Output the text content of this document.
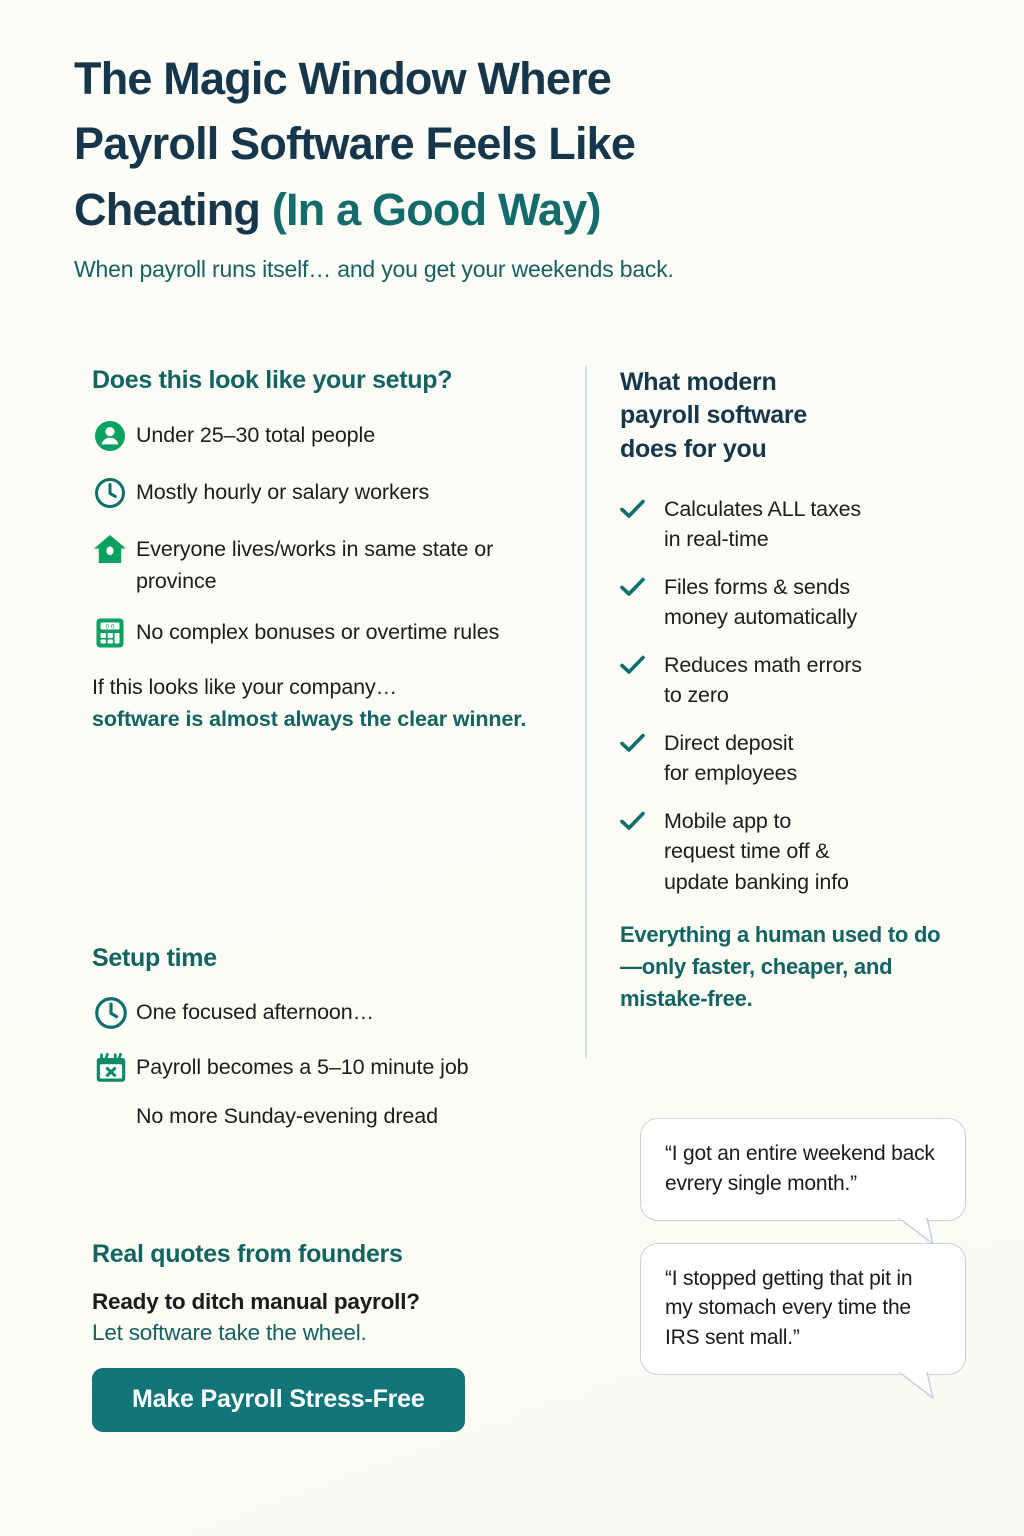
The Magic Window Where
Payroll Software Feels Like
Cheating (In a Good Way)

When payroll runs itself… and you get your weekends back.

Does this look like your setup?
Under 25–30 total people
Mostly hourly or salary workers
Everyone lives/works in same state or province
0 0 No complex bonuses or overtime rules
If this looks like your company…
software is almost always the clear winner.
Setup time
One focused afternoon…
Payroll becomes a 5–10 minute job
No more Sunday-evening dread
Real quotes from founders
Ready to ditch manual payroll?
Let software take the wheel.
Make Payroll Stress-Free
What modern
payroll software
does for you
Calculates ALL taxes
in real-time
Files forms & sends
money automatically
Reduces math errors
to zero
Direct deposit
for employees
Mobile app to
request time off &
update banking info
Everything a human used to do—only faster, cheaper, and mistake-free.
“I got an entire weekend back evrery single month.”
“I stopped getting that pit in my stomach every time the IRS sent mall.”
